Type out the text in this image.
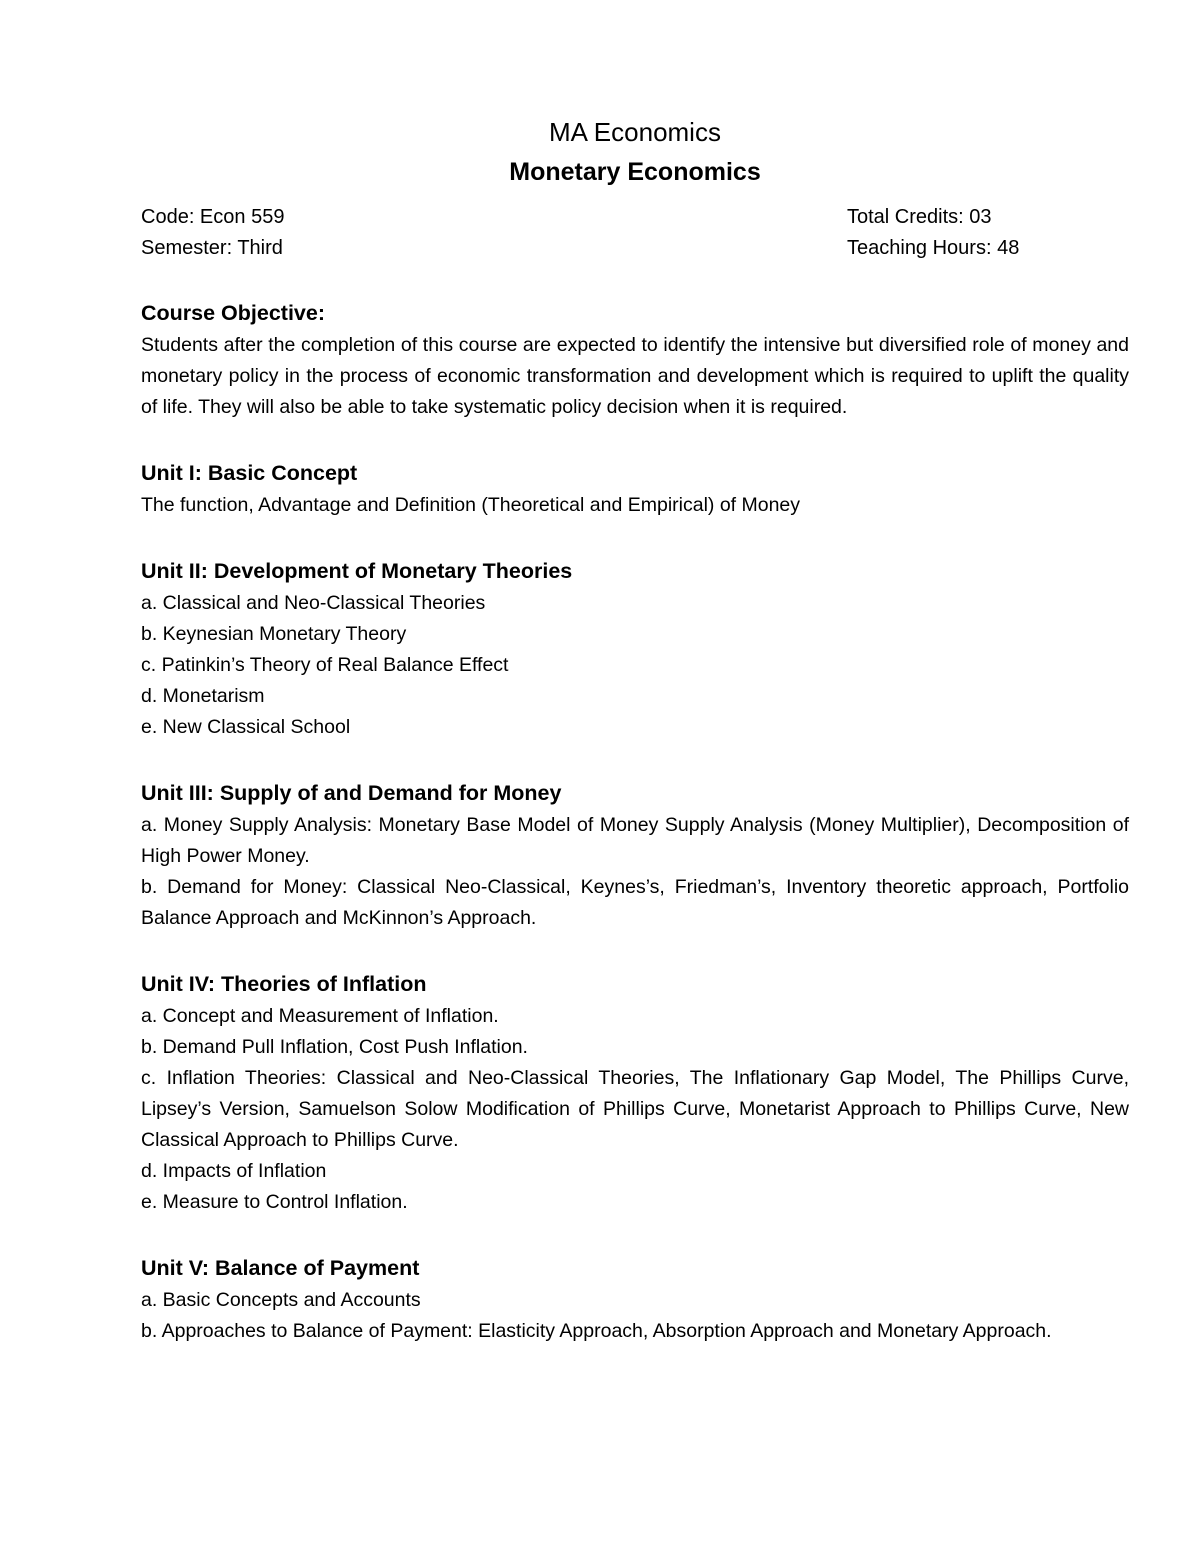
MA Economics

Monetary Economics

Code: Econ 559	Total Credits: 03
Semester: Third	Teaching Hours: 48

Course Objective:

Students after the completion of this course are expected to identify the intensive but diversified role of money and monetary policy in the process of economic transformation and development which is required to uplift the quality of life. They will also be able to take systematic policy decision when it is required.

Unit I: Basic Concept

The function, Advantage and Definition (Theoretical and Empirical) of Money

Unit II: Development of Monetary Theories

a. Classical and Neo-Classical Theories

b. Keynesian Monetary Theory

c. Patinkin’s Theory of Real Balance Effect

d. Monetarism

e. New Classical School

Unit III: Supply of and Demand for Money

a. Money Supply Analysis: Monetary Base Model of Money Supply Analysis (Money Multiplier), Decomposition of High Power Money.

b. Demand for Money: Classical Neo-Classical, Keynes’s, Friedman’s, Inventory theoretic approach, Portfolio Balance Approach and McKinnon’s Approach.

Unit IV: Theories of Inflation

a. Concept and Measurement of Inflation.

b. Demand Pull Inflation, Cost Push Inflation.

c. Inflation Theories: Classical and Neo-Classical Theories, The Inflationary Gap Model, The Phillips Curve, Lipsey’s Version, Samuelson Solow Modification of Phillips Curve, Monetarist Approach to Phillips Curve, New Classical Approach to Phillips Curve.

d. Impacts of Inflation

e. Measure to Control Inflation.

Unit V: Balance of Payment

a. Basic Concepts and Accounts

b. Approaches to Balance of Payment: Elasticity Approach, Absorption Approach and Monetary Approach.
